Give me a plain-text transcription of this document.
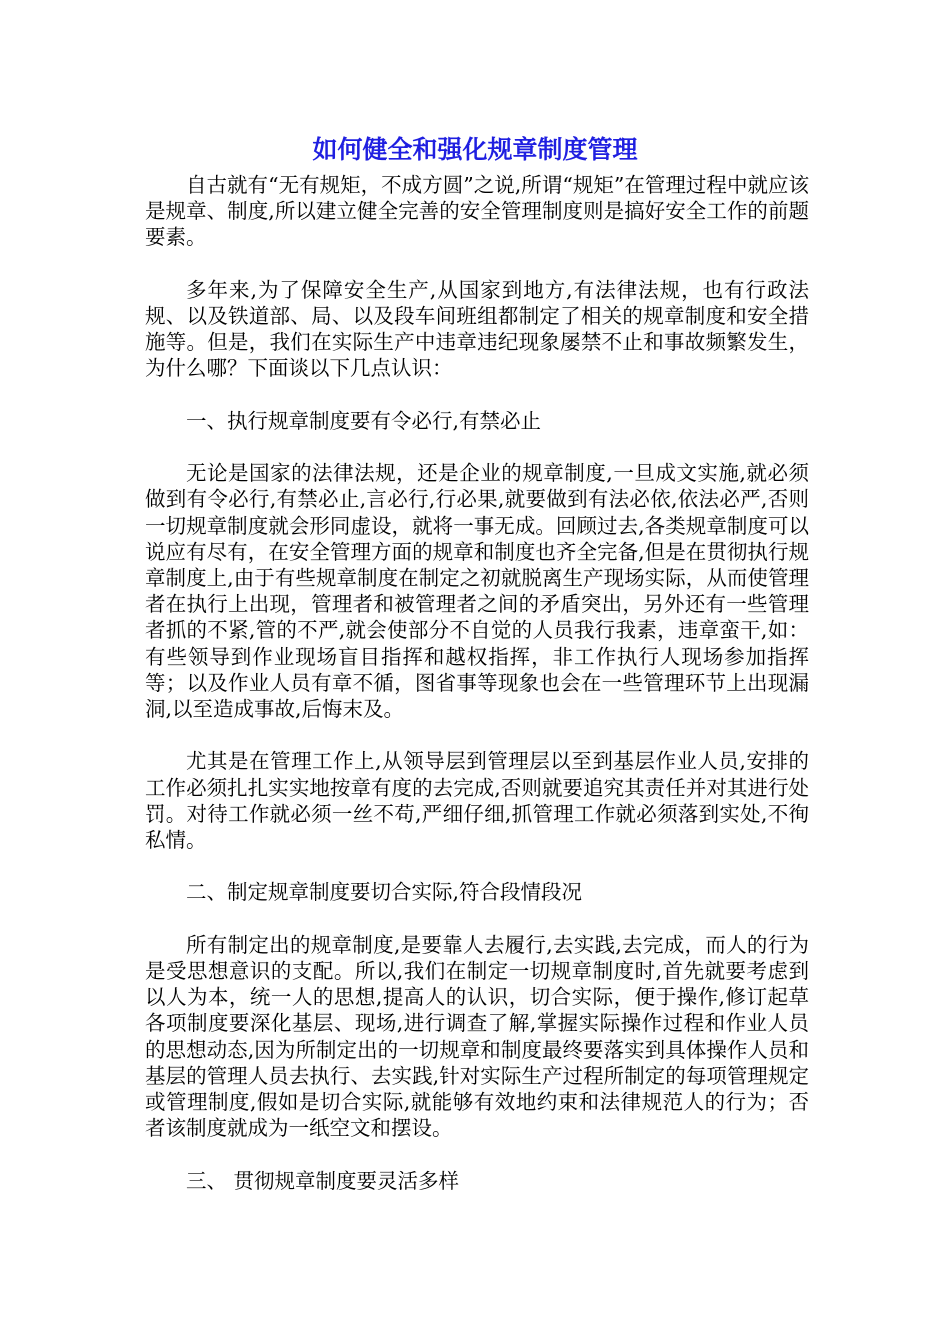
如何健全和强化规章制度管理

自古就有“无有规矩，不成方圆”之说,所谓“规矩”在管理过程中就应该是规章、制度,所以建立健全完善的安全管理制度则是搞好安全工作的前题要素。

多年来,为了保障安全生产,从国家到地方,有法律法规，也有行政法规、以及铁道部、局、以及段车间班组都制定了相关的规章制度和安全措施等。但是，我们在实际生产中违章违纪现象屡禁不止和事故频繁发生，为什么哪？下面谈以下几点认识：

一、执行规章制度要有令必行,有禁必止

无论是国家的法律法规，还是企业的规章制度,一旦成文实施,就必须做到有令必行,有禁必止,言必行,行必果,就要做到有法必依,依法必严,否则一切规章制度就会形同虚设，就将一事无成。回顾过去,各类规章制度可以说应有尽有，在安全管理方面的规章和制度也齐全完备,但是在贯彻执行规章制度上,由于有些规章制度在制定之初就脱离生产现场实际，从而使管理者在执行上出现，管理者和被管理者之间的矛盾突出，另外还有一些管理者抓的不紧,管的不严,就会使部分不自觉的人员我行我素，违章蛮干,如：有些领导到作业现场盲目指挥和越权指挥，非工作执行人现场参加指挥等；以及作业人员有章不循，图省事等现象也会在一些管理环节上出现漏洞,以至造成事故,后悔末及。

尤其是在管理工作上,从领导层到管理层以至到基层作业人员,安排的工作必须扎扎实实地按章有度的去完成,否则就要追究其责任并对其进行处罚。对待工作就必须一丝不苟,严细仔细,抓管理工作就必须落到实处,不徇私情。

二、制定规章制度要切合实际,符合段情段况

所有制定出的规章制度,是要靠人去履行,去实践,去完成，而人的行为是受思想意识的支配。所以,我们在制定一切规章制度时,首先就要考虑到以人为本，统一人的思想,提高人的认识，切合实际，便于操作,修订起草各项制度要深化基层、现场,进行调查了解,掌握实际操作过程和作业人员的思想动态,因为所制定出的一切规章和制度最终要落实到具体操作人员和基层的管理人员去执行、去实践,针对实际生产过程所制定的每项管理规定或管理制度,假如是切合实际,就能够有效地约束和法律规范人的行为；否者该制度就成为一纸空文和摆设。

三、 贯彻规章制度要灵活多样
